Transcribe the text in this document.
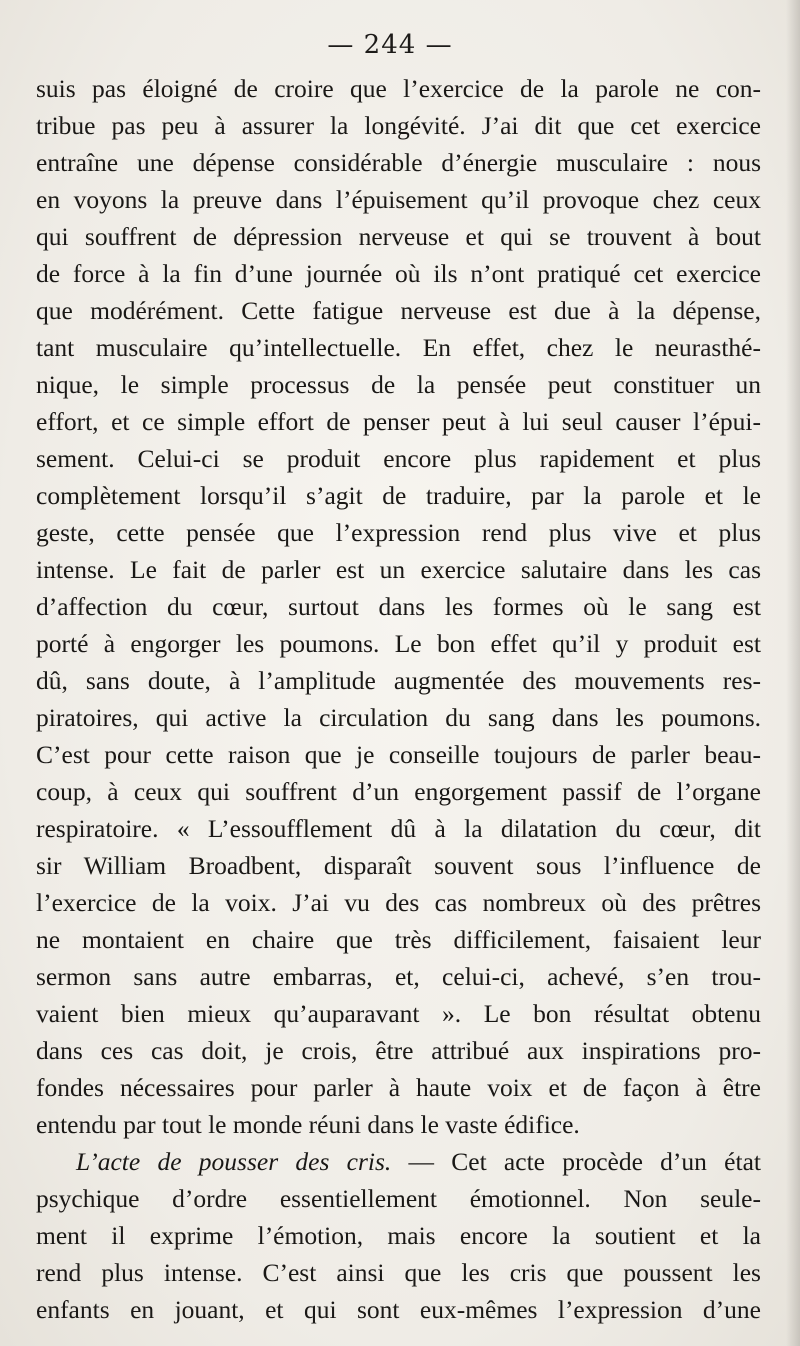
— 244 —
suis pas éloigné de croire que l’exercice de la parole ne con-
tribue pas peu à assurer la longévité. J’ai dit que cet exercice
entraîne une dépense considérable d’énergie musculaire : nous
en voyons la preuve dans l’épuisement qu’il provoque chez ceux
qui souffrent de dépression nerveuse et qui se trouvent à bout
de force à la fin d’une journée où ils n’ont pratiqué cet exercice
que modérément. Cette fatigue nerveuse est due à la dépense,
tant musculaire qu’intellectuelle. En effet, chez le neurasthé-
nique, le simple processus de la pensée peut constituer un
effort, et ce simple effort de penser peut à lui seul causer l’épui-
sement. Celui-ci se produit encore plus rapidement et plus
complètement lorsqu’il s’agit de traduire, par la parole et le
geste, cette pensée que l’expression rend plus vive et plus
intense. Le fait de parler est un exercice salutaire dans les cas
d’affection du cœur, surtout dans les formes où le sang est
porté à engorger les poumons. Le bon effet qu’il y produit est
dû, sans doute, à l’amplitude augmentée des mouvements res-
piratoires, qui active la circulation du sang dans les poumons.
C’est pour cette raison que je conseille toujours de parler beau-
coup, à ceux qui souffrent d’un engorgement passif de l’organe
respiratoire. « L’essoufflement dû à la dilatation du cœur, dit
sir William Broadbent, disparaît souvent sous l’influence de
l’exercice de la voix. J’ai vu des cas nombreux où des prêtres
ne montaient en chaire que très difficilement, faisaient leur
sermon sans autre embarras, et, celui-ci, achevé, s’en trou-
vaient bien mieux qu’auparavant ». Le bon résultat obtenu
dans ces cas doit, je crois, être attribué aux inspirations pro-
fondes nécessaires pour parler à haute voix et de façon à être
entendu par tout le monde réuni dans le vaste édifice.
L’acte de pousser des cris. — Cet acte procède d’un état
psychique d’ordre essentiellement émotionnel. Non seule-
ment il exprime l’émotion, mais encore la soutient et la
rend plus intense. C’est ainsi que les cris que poussent les
enfants en jouant, et qui sont eux-mêmes l’expression d’une
